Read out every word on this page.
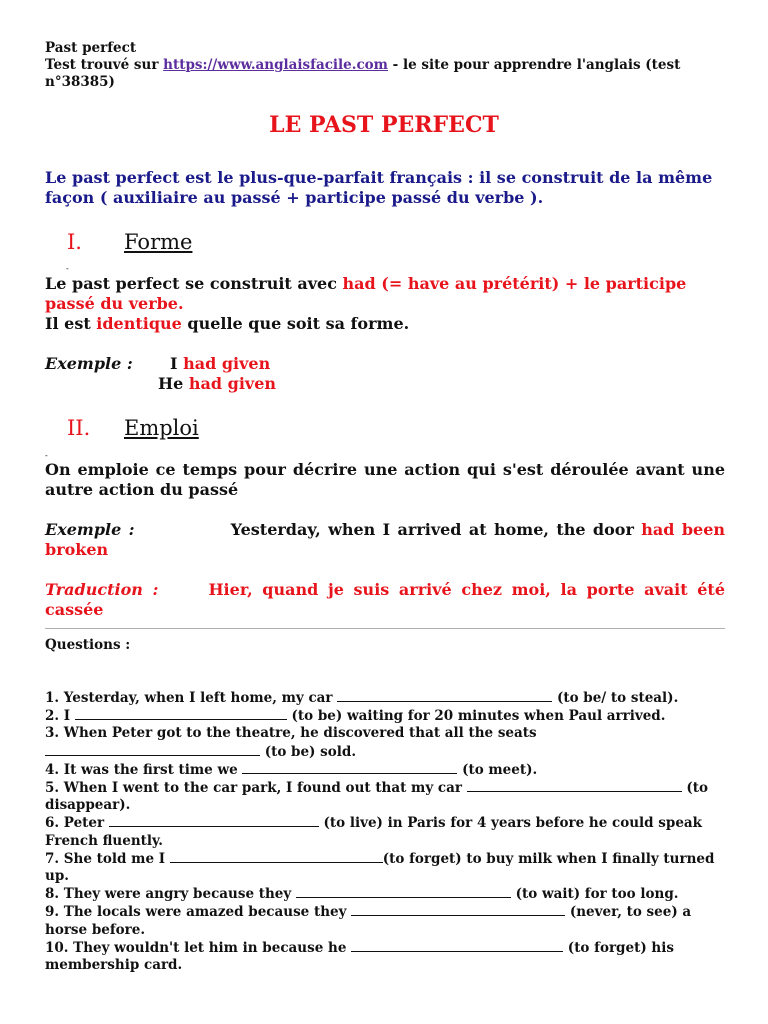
Past perfect
Test trouvé sur https://www.anglaisfacile.com - le site pour apprendre l'anglais (test
n°38385)
LE PAST PERFECT
Le past perfect est le plus-que-parfait français : il se construit de la même façon ( auxiliaire au passé + participe passé du verbe ).
I. Forme
-
Le past perfect se construit avec had (= have au prétérit) + le participe passé du verbe.
Il est identique quelle que soit sa forme.
Exemple : I had given
He had given
II. Emploi
-
On emploie ce temps pour décrire une action qui s'est déroulée avant une autre action du passé
Exemple :	Yesterday, when I arrived at home, the door had been broken
Traduction :	Hier, quand je suis arrivé chez moi, la porte avait été cassée
Questions :
1. Yesterday, when I left home, my car	(to be/ to steal).
2. I	(to be) waiting for 20 minutes when Paul arrived.
3. When Peter got to the theatre, he discovered that all the seats
(to be) sold.
4. It was the first time we	(to meet).
5. When I went to the car park, I found out that my car	(to
disappear).
6. Peter	(to live) in Paris for 4 years before he could speak
French fluently.
7. She told me I	(to forget) to buy milk when I finally turned
up.
8. They were angry because they	(to wait) for too long.
9. The locals were amazed because they	(never, to see) a
horse before.
10. They wouldn't let him in because he	(to forget) his
membership card.
